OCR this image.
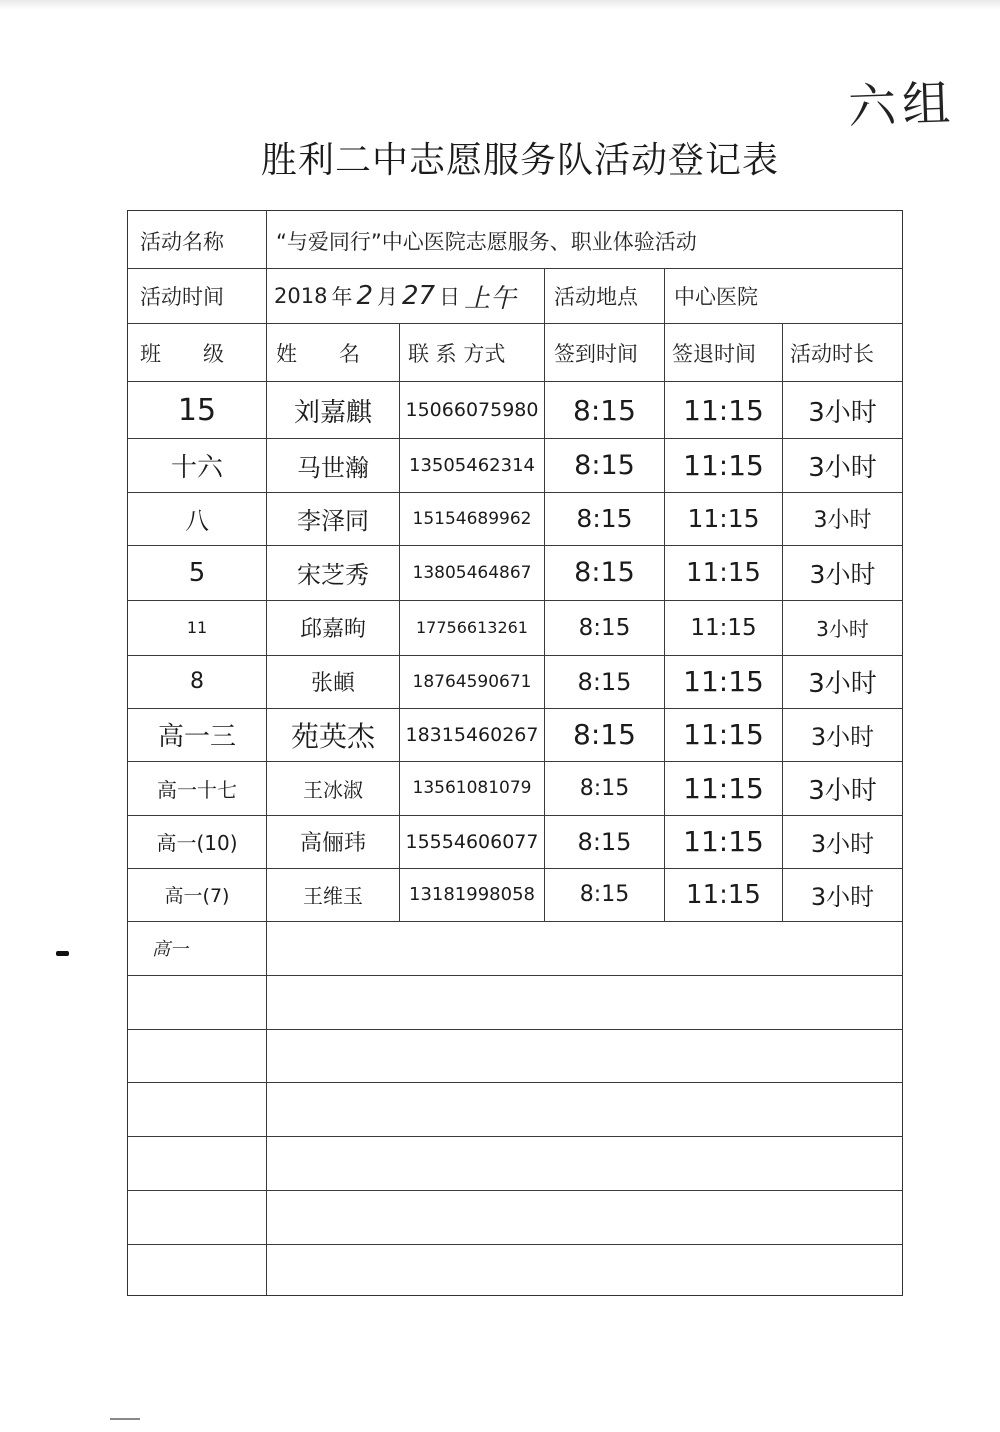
六组
胜利二中志愿服务队活动登记表
活动名称	“与爱同行”中心医院志愿服务、职业体验活动
活动时间	2018 年 2 月 27 日 上午 活动地点	中心医院
班　　级	姓　　名	联 系 方式	签到时间	签退时间	活动时长
15	刘嘉麒	15066075980	8:15	11:15	3小时
十六	马世瀚	13505462314	8:15	11:15	3小时
八	李泽同	15154689962	8:15	11:15	3小时
5	宋芝秀	13805464867	8:15	11:15	3小时
11	邱嘉昫	17756613261	8:15	11:15	3小时
8	张頔	18764590671	8:15	11:15	3小时
高一三	苑英杰	18315460267	8:15	11:15	3小时
高一十七	王冰淑	13561081079	8:15	11:15	3小时
高一(10)	高俪玮	15554606077	8:15	11:15	3小时
高一(7)	王维玉	13181998058	8:15	11:15	3小时
高一
